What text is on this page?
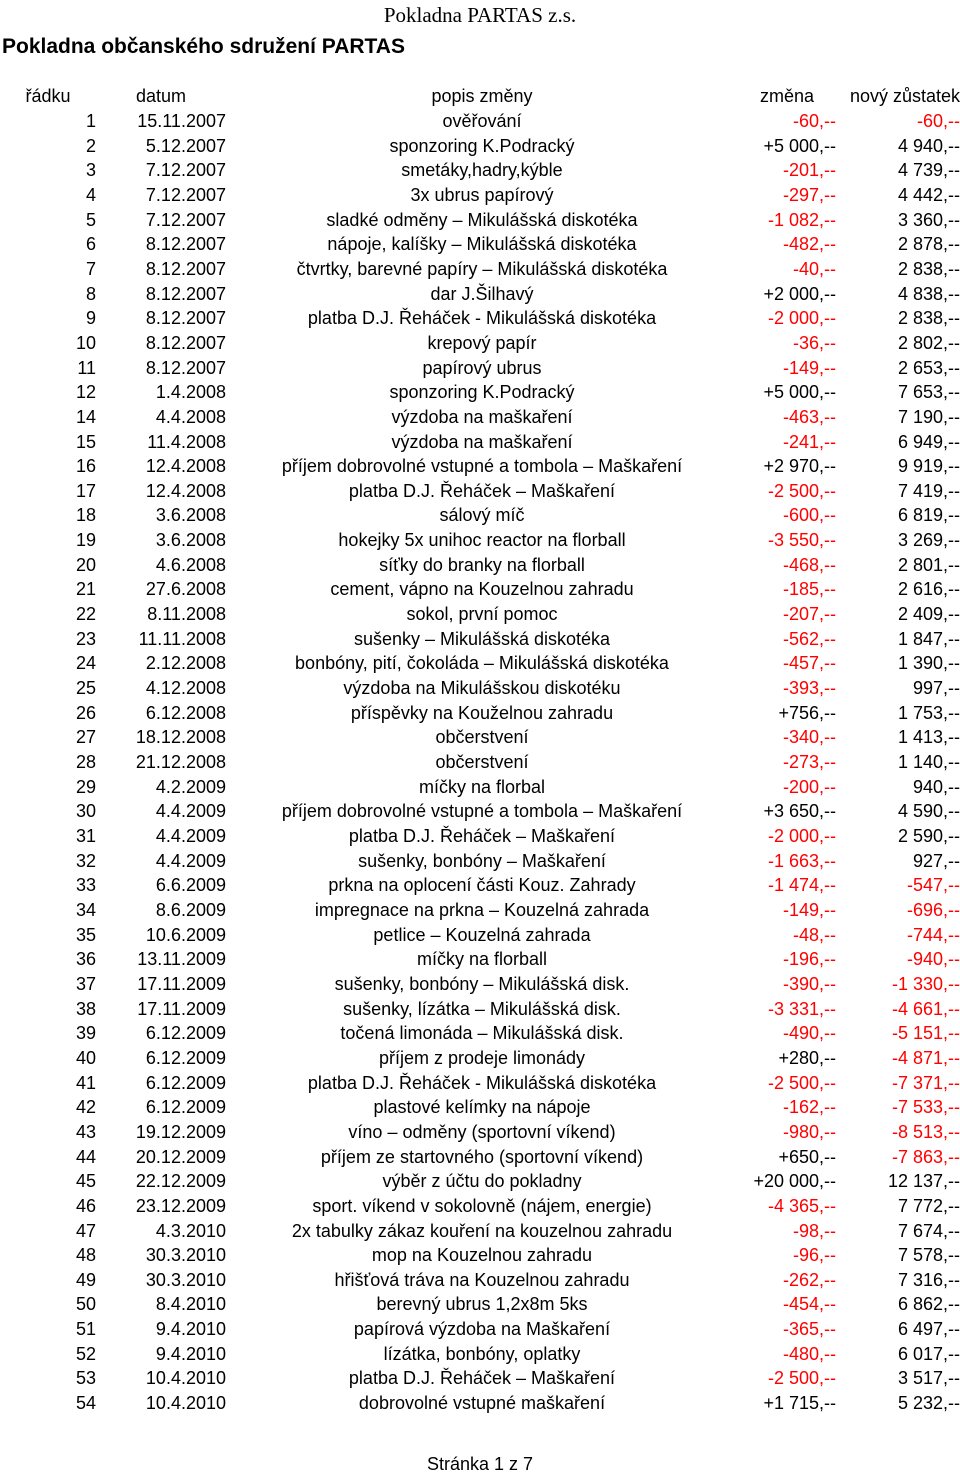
Pokladna PARTAS z.s.
Pokladna občanského sdružení PARTAS
řádku	datum	popis změny	změna	nový zůstatek
1	15.11.2007	ověřování	-60,--	-60,--
2	5.12.2007	sponzoring K.Podracký	+5 000,--	4 940,--
3	7.12.2007	smetáky,hadry,kýble	-201,--	4 739,--
4	7.12.2007	3x ubrus papírový	-297,--	4 442,--
5	7.12.2007	sladké odměny – Mikulášská diskotéka	-1 082,--	3 360,--
6	8.12.2007	nápoje, kalíšky – Mikulášská diskotéka	-482,--	2 878,--
7	8.12.2007	čtvrtky, barevné papíry – Mikulášská diskotéka	-40,--	2 838,--
8	8.12.2007	dar J.Šilhavý	+2 000,--	4 838,--
9	8.12.2007	platba D.J. Řeháček - Mikulášská diskotéka	-2 000,--	2 838,--
10	8.12.2007	krepový papír	-36,--	2 802,--
11	8.12.2007	papírový ubrus	-149,--	2 653,--
12	1.4.2008	sponzoring K.Podracký	+5 000,--	7 653,--
14	4.4.2008	výzdoba na maškaření	-463,--	7 190,--
15	11.4.2008	výzdoba na maškaření	-241,--	6 949,--
16	12.4.2008	příjem dobrovolné vstupné a tombola – Maškaření	+2 970,--	9 919,--
17	12.4.2008	platba D.J. Řeháček – Maškaření	-2 500,--	7 419,--
18	3.6.2008	sálový míč	-600,--	6 819,--
19	3.6.2008	hokejky 5x unihoc reactor na florball	-3 550,--	3 269,--
20	4.6.2008	síťky do branky na florball	-468,--	2 801,--
21	27.6.2008	cement, vápno na Kouzelnou zahradu	-185,--	2 616,--
22	8.11.2008	sokol, první pomoc	-207,--	2 409,--
23	11.11.2008	sušenky – Mikulášská diskotéka	-562,--	1 847,--
24	2.12.2008	bonbóny, pití, čokoláda – Mikulášská diskotéka	-457,--	1 390,--
25	4.12.2008	výzdoba na Mikulášskou diskotéku	-393,--	997,--
26	6.12.2008	příspěvky na Kouželnou zahradu	+756,--	1 753,--
27	18.12.2008	občerstvení	-340,--	1 413,--
28	21.12.2008	občerstvení	-273,--	1 140,--
29	4.2.2009	míčky na florbal	-200,--	940,--
30	4.4.2009	příjem dobrovolné vstupné a tombola – Maškaření	+3 650,--	4 590,--
31	4.4.2009	platba D.J. Řeháček – Maškaření	-2 000,--	2 590,--
32	4.4.2009	sušenky, bonbóny – Maškaření	-1 663,--	927,--
33	6.6.2009	prkna na oplocení části Kouz. Zahrady	-1 474,--	-547,--
34	8.6.2009	impregnace na prkna – Kouzelná zahrada	-149,--	-696,--
35	10.6.2009	petlice – Kouzelná zahrada	-48,--	-744,--
36	13.11.2009	míčky na florball	-196,--	-940,--
37	17.11.2009	sušenky, bonbóny – Mikulášská disk.	-390,--	-1 330,--
38	17.11.2009	sušenky, lízátka – Mikulášská disk.	-3 331,--	-4 661,--
39	6.12.2009	točená limonáda – Mikulášská disk.	-490,--	-5 151,--
40	6.12.2009	příjem z prodeje limonády	+280,--	-4 871,--
41	6.12.2009	platba D.J. Řeháček - Mikulášská diskotéka	-2 500,--	-7 371,--
42	6.12.2009	plastové kelímky na nápoje	-162,--	-7 533,--
43	19.12.2009	víno – odměny (sportovní víkend)	-980,--	-8 513,--
44	20.12.2009	příjem ze startovného (sportovní víkend)	+650,--	-7 863,--
45	22.12.2009	výběr z účtu do pokladny	+20 000,--	12 137,--
46	23.12.2009	sport. víkend v sokolovně (nájem, energie)	-4 365,--	7 772,--
47	4.3.2010	2x tabulky zákaz kouření na kouzelnou zahradu	-98,--	7 674,--
48	30.3.2010	mop na Kouzelnou zahradu	-96,--	7 578,--
49	30.3.2010	hřišťová tráva na Kouzelnou zahradu	-262,--	7 316,--
50	8.4.2010	berevný ubrus 1,2x8m 5ks	-454,--	6 862,--
51	9.4.2010	papírová výzdoba na Maškaření	-365,--	6 497,--
52	9.4.2010	lízátka, bonbóny, oplatky	-480,--	6 017,--
53	10.4.2010	platba D.J. Řeháček – Maškaření	-2 500,--	3 517,--
54	10.4.2010	dobrovolné vstupné maškaření	+1 715,--	5 232,--
Stránka 1 z 7
